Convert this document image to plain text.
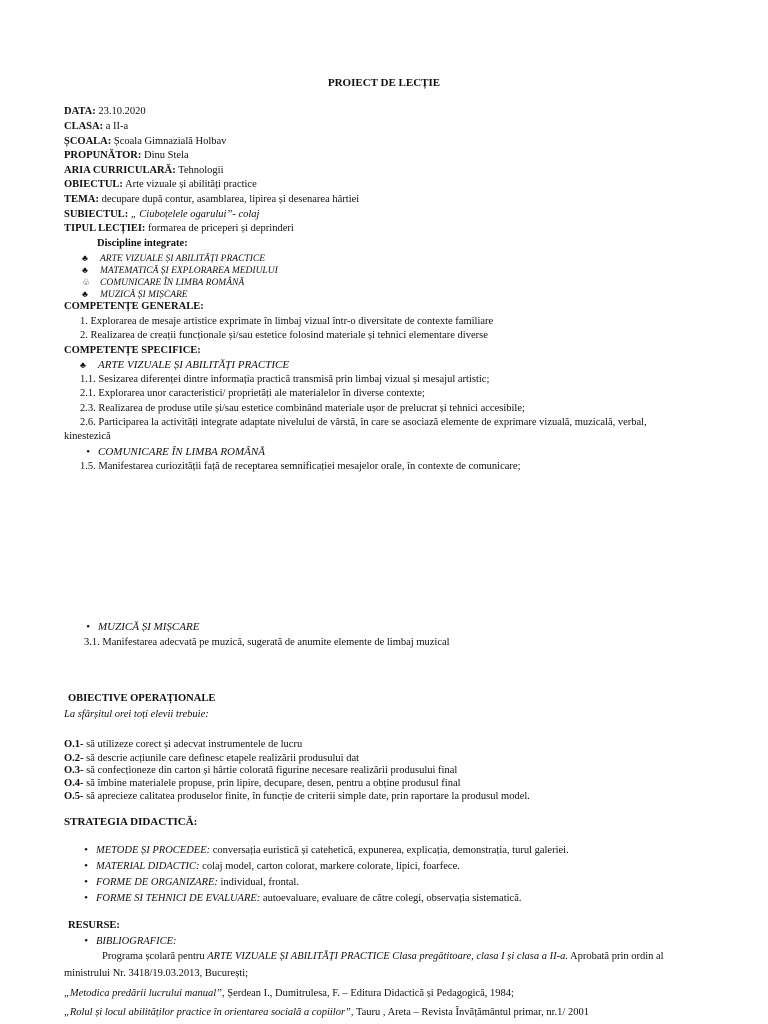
PROIECT DE LECȚIE
DATA: 23.10.2020
CLASA: a II-a
ȘCOALA: Școala Gimnazială Holbav
PROPUNĂTOR: Dinu Stela
ARIA CURRICULARĂ: Tehnologii
OBIECTUL: Arte vizuale și abilități practice
TEMA: decupare după contur, asamblarea, lipirea și desenarea hârtiei
SUBIECTUL: „ Ciuboțelele ogarului”- colaj
TIPUL LECȚIEI: formarea de priceperi și deprinderi
Discipline integrate:
♣ ARTE VIZUALE ȘI ABILITĂȚI PRACTICE
♣ MATEMATICĂ ȘI EXPLORAREA MEDIULUI
♧ COMUNICARE ÎN LIMBA ROMÂNĂ
♣ MUZICĂ ȘI MIȘCARE
COMPETENȚE GENERALE:
1. Explorarea de mesaje artistice exprimate în limbaj vizual într-o diversitate de contexte familiare
2. Realizarea de creații funcționale și/sau estetice folosind materiale și tehnici elementare diverse
COMPETENȚE SPECIFICE:
♣ ARTE VIZUALE ȘI ABILITĂȚI PRACTICE
1.1. Sesizarea diferenței dintre informația practică transmisă prin limbaj vizual și mesajul artistic;
2.1. Explorarea unor caracteristici/ proprietăți ale materialelor în diverse contexte;
2.3. Realizarea de produse utile și/sau estetice combinând materiale ușor de prelucrat și tehnici accesibile;
2.6. Participarea la activități integrate adaptate nivelului de vârstă, în care se asociază elemente de exprimare vizuală, muzicală, verbal,
kinestezică
• COMUNICARE ÎN LIMBA ROMÂNĂ
1.5. Manifestarea curiozității față de receptarea semnificației mesajelor orale, în contexte de comunicare;
• MUZICĂ ȘI MIȘCARE
3.1. Manifestarea adecvată pe muzică, sugerată de anumite elemente de limbaj muzical
OBIECTIVE OPERAȚIONALE
La sfârșitul orei toți elevii trebuie:
O.1- să utilizeze corect și adecvat instrumentele de lucru
O.2- să descrie acțiunile care definesc etapele realizării produsului dat
O.3- să confecționeze din carton și hârtie colorată figurine necesare realizării produsului final
O.4- să îmbine materialele propuse, prin lipire, decupare, desen, pentru a obține produsul final
O.5- să aprecieze calitatea produselor finite, în funcție de criterii simple date, prin raportare la produsul model.
STRATEGIA DIDACTICĂ:
• METODE ȘI PROCEDEE: conversația euristică și catehetică, expunerea, explicația, demonstrația, turul galeriei.
• MATERIAL DIDACTIC: colaj model, carton colorat, markere colorate, lipici, foarfece.
• FORME DE ORGANIZARE: individual, frontal.
• FORME SI TEHNICI DE EVALUARE: autoevaluare, evaluare de către colegi, observația sistematică.
RESURSE:
• BIBLIOGRAFICE:
Programa școlară pentru ARTE VIZUALE ȘI ABILITĂȚI PRACTICE Clasa pregătitoare, clasa I și clasa a II-a. Aprobată prin ordin al
ministrului Nr. 3418/19.03.2013, București;
„Metodica predării lucrului manual”, Șerdean I., Dumitrulesa, F. – Editura Didactică și Pedagogică, 1984;
„Rolul și locul abilităților practice în orientarea socială a copiilor”, Tauru , Areta – Revista Învățământul primar, nr.1/ 2001
